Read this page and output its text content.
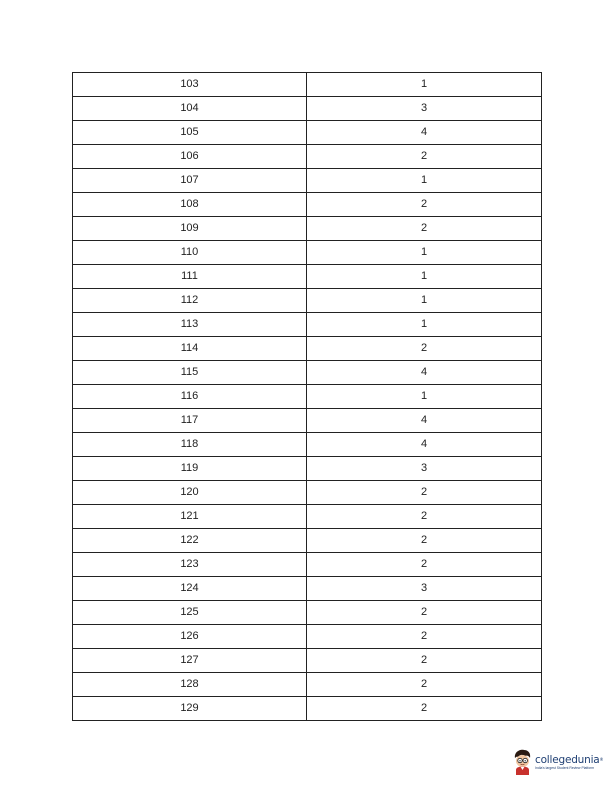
103	1
104	3
105	4
106	2
107	1
108	2
109	2
110	1
111	1
112	1
113	1
114	2
115	4
116	1
117	4
118	4
119	3
120	2
121	2
122	2
123	2
124	3
125	2
126	2
127	2
128	2
129	2
collegedunia®
India's largest Student Review Platform
